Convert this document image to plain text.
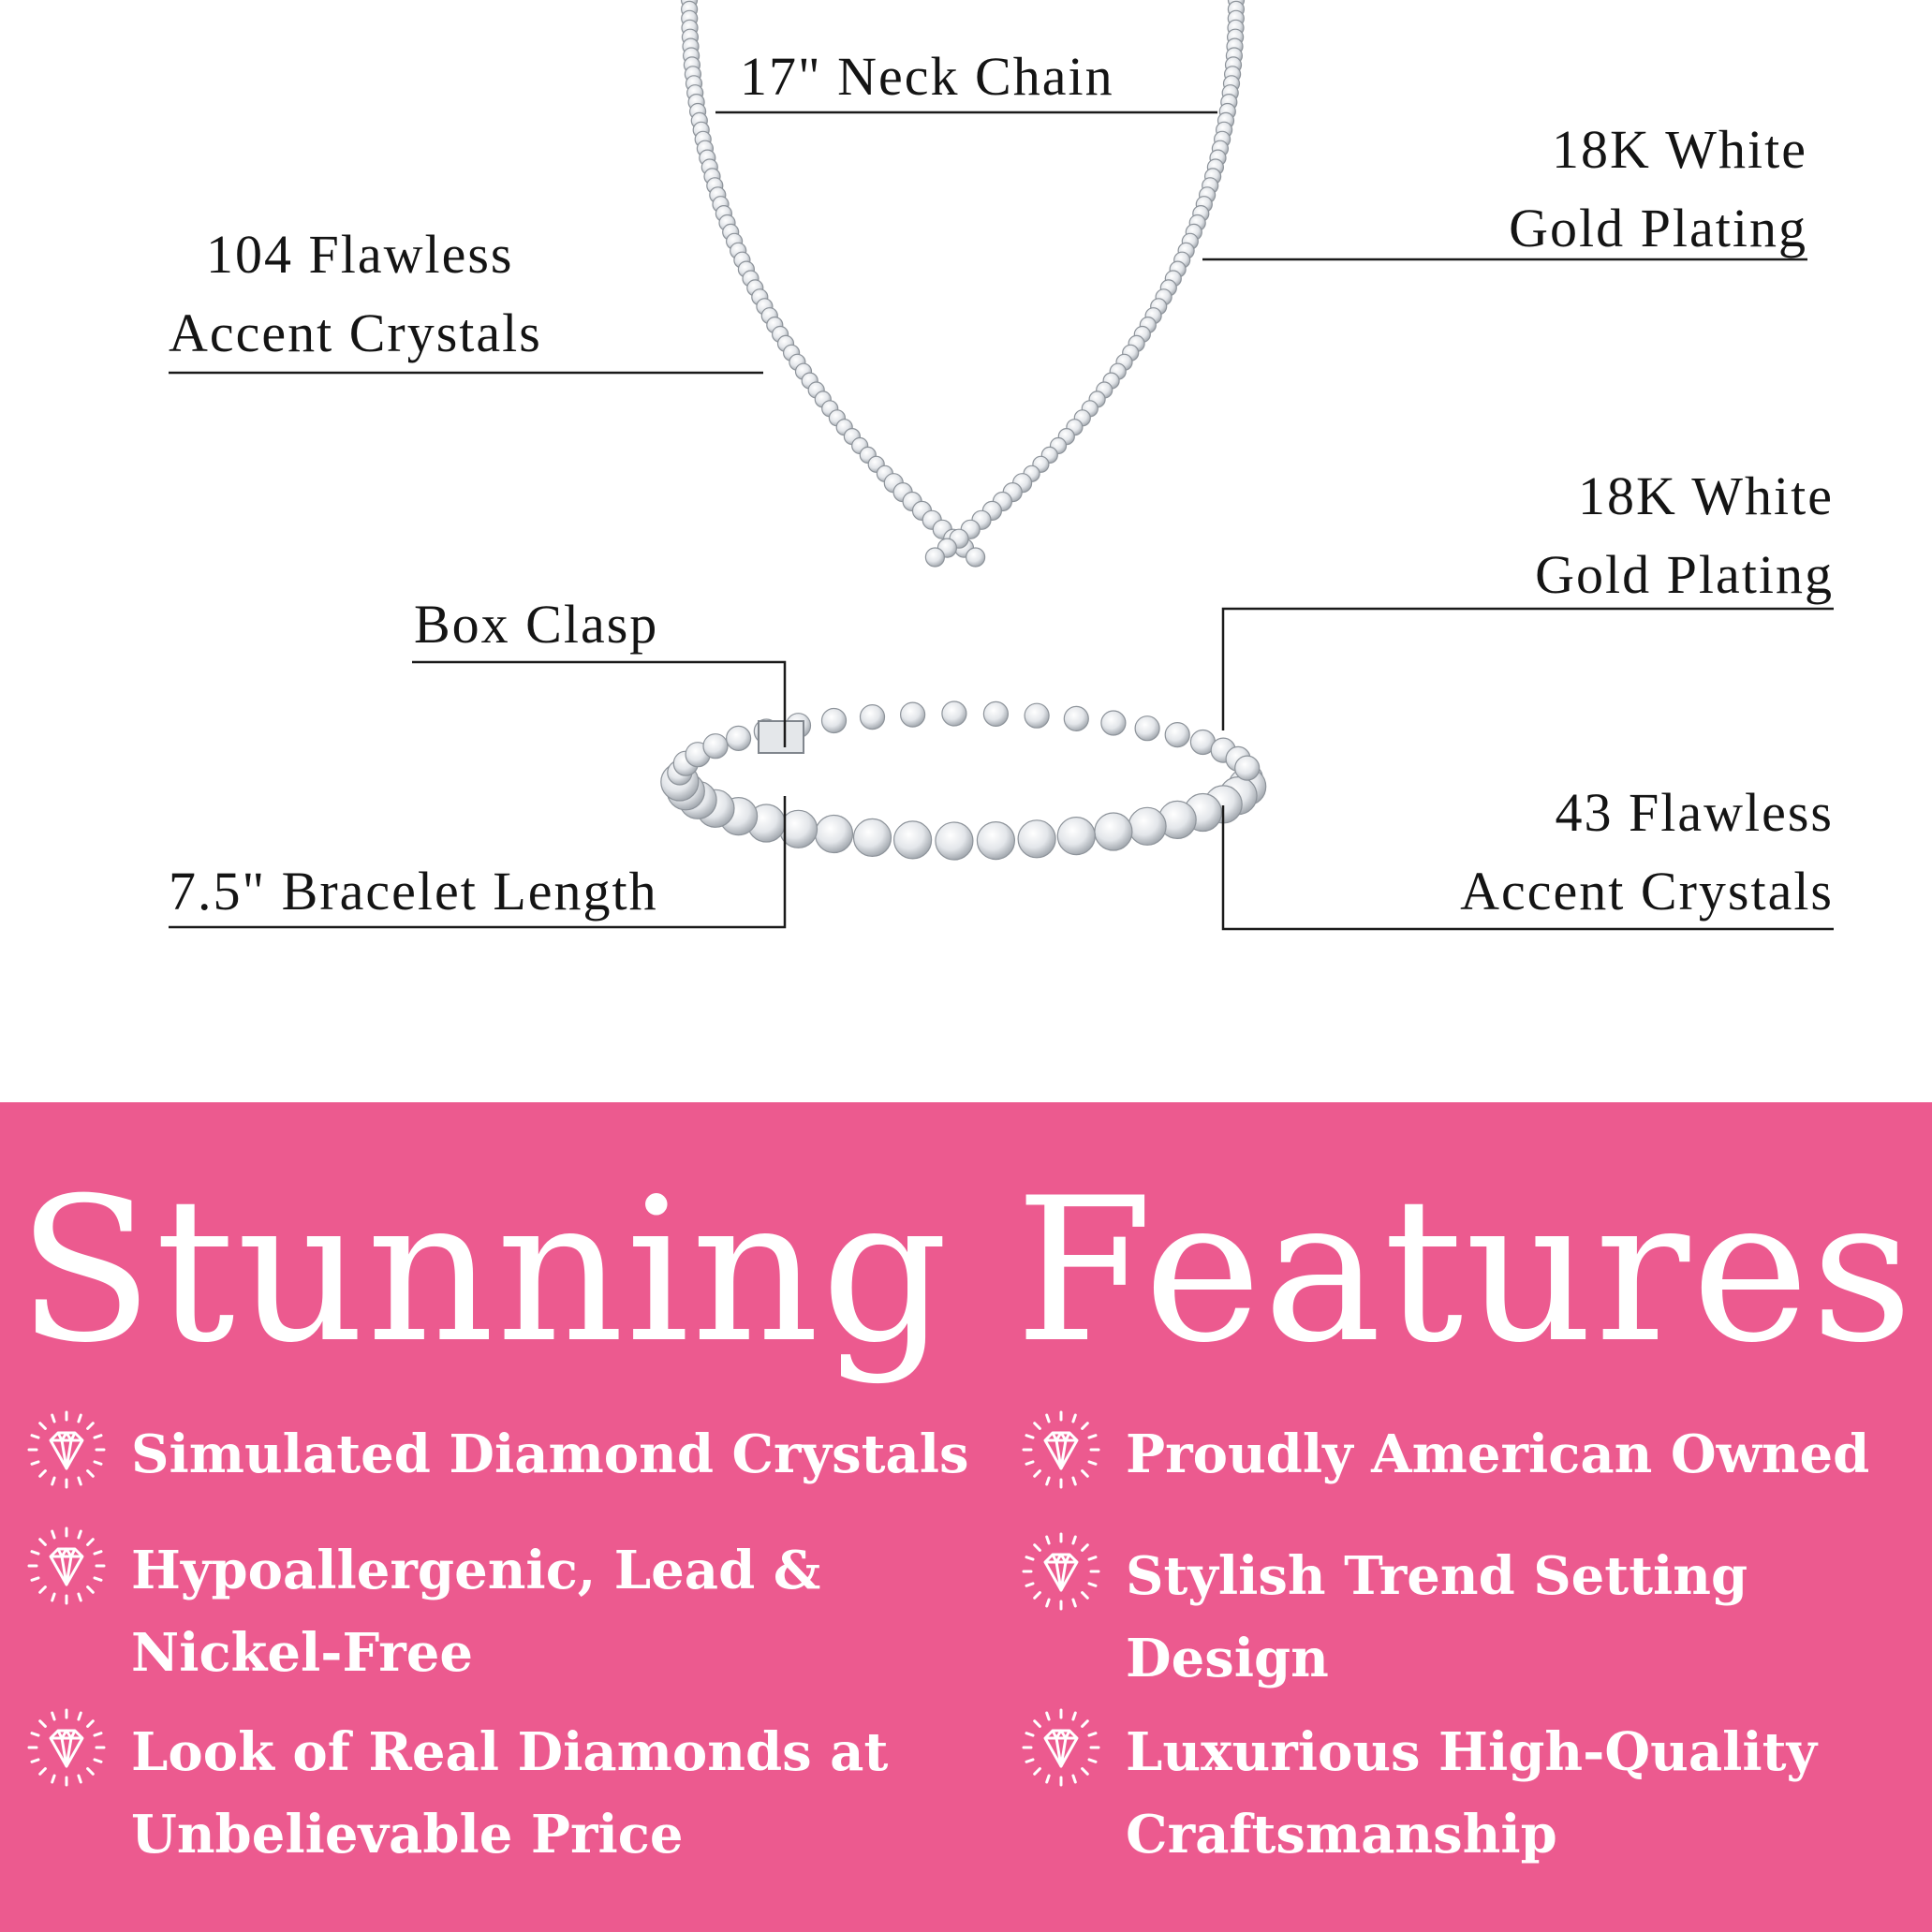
17" Neck Chain
18K White
Gold Plating
104 Flawless
Accent Crystals
18K White
Gold Plating
Box Clasp
43 Flawless
Accent Crystals
7.5" Bracelet Length
Stunning Features
Simulated Diamond Crystals	Proudly American Owned
Hypoallergenic, Lead &
Nickel-Free
Stylish Trend Setting
Design
Look of Real Diamonds at
Unbelievable Price
Luxurious High-Quality
Craftsmanship
